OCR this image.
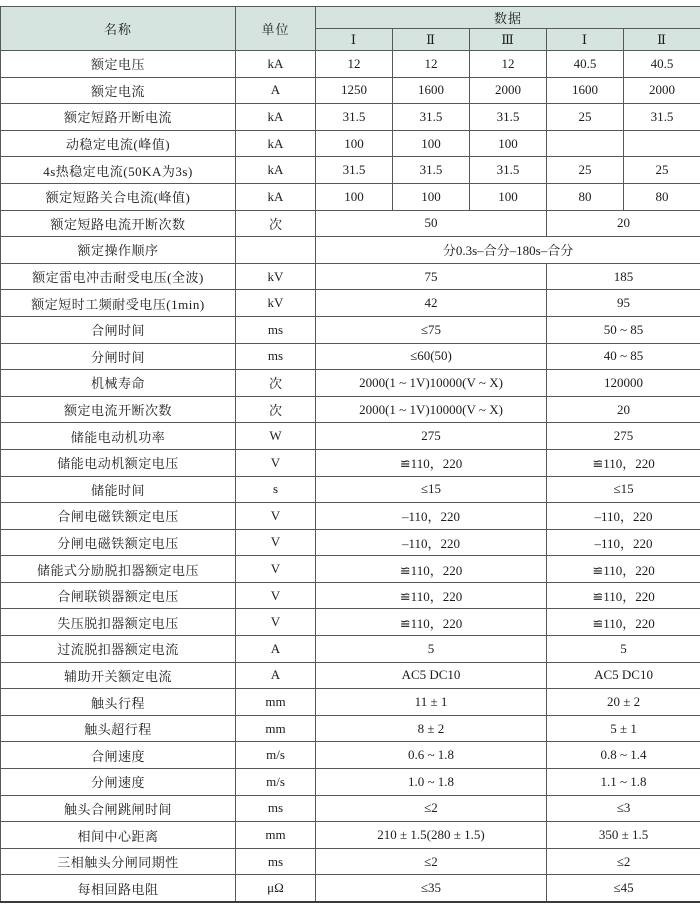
名称	单位	数据				
		Ⅰ	Ⅱ	Ⅲ	Ⅰ	Ⅱ
额定电压	kA	12	12	12	40.5	40.5
额定电流	A	1250	1600	2000	1600	2000
额定短路开断电流	kA	31.5	31.5	31.5	25	31.5
动稳定电流(峰值)	kA	100	100	100		
4s热稳定电流(50KA为3s)	kA	31.5	31.5	31.5	25	25
额定短路关合电流(峰值)	kA	100	100	100	80	80
额定短路电流开断次数	次	50			20	
额定操作顺序		分0.3s–合分–180s–合分				
额定雷电冲击耐受电压(全波)	kV	75			185	
额定短时工频耐受电压(1min)	kV	42			95	
合闸时间	ms	≤75			50 ~ 85	
分闸时间	ms	≤60(50)			40 ~ 85	
机械寿命	次	2000(1 ~ 1V)10000(V ~ X)			120000	
额定电流开断次数	次	2000(1 ~ 1V)10000(V ~ X)			20	
储能电动机功率	W	275			275	
储能电动机额定电压	V	≌110，220			≌110，220	
储能时间	s	≤15			≤15	
合闸电磁铁额定电压	V	–110，220			–110，220	
分闸电磁铁额定电压	V	–110，220			–110，220	
储能式分励脱扣器额定电压	V	≌110，220			≌110，220	
合闸联锁器额定电压	V	≌110，220			≌110，220	
失压脱扣器额定电压	V	≌110，220			≌110，220	
过流脱扣器额定电流	A	5			5	
辅助开关额定电流	A	AC5 DC10			AC5 DC10	
触头行程	mm	11 ± 1			20 ± 2	
触头超行程	mm	8 ± 2			5 ± 1	
合闸速度	m/s	0.6 ~ 1.8			0.8 ~ 1.4	
分闸速度	m/s	1.0 ~ 1.8			1.1 ~ 1.8	
触头合闸跳闸时间	ms	≤2			≤3	
相间中心距离	mm	210 ± 1.5(280 ± 1.5)			350 ± 1.5	
三相触头分闸同期性	ms	≤2			≤2	
每相回路电阻	μΩ	≤35			≤45	
